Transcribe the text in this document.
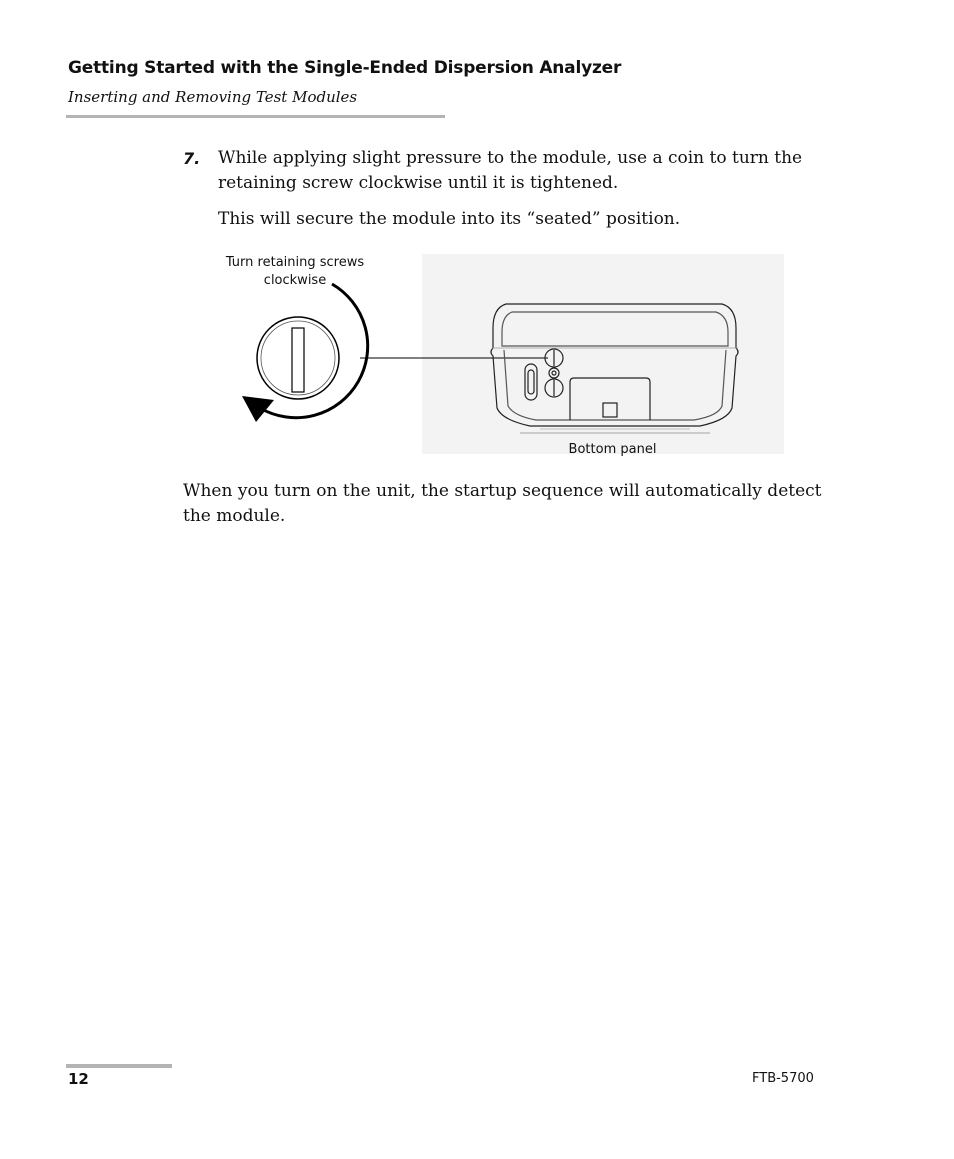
Getting Started with the Single-Ended Dispersion Analyzer
Inserting and Removing Test Modules
7. While applying slight pressure to the module, use a coin to turn the retaining screw clockwise until it is tightened.
This will secure the module into its “seated” position.
Turn retaining screws clockwise
Bottom panel
When you turn on the unit, the startup sequence will automatically detect the module.
12	FTB-5700
